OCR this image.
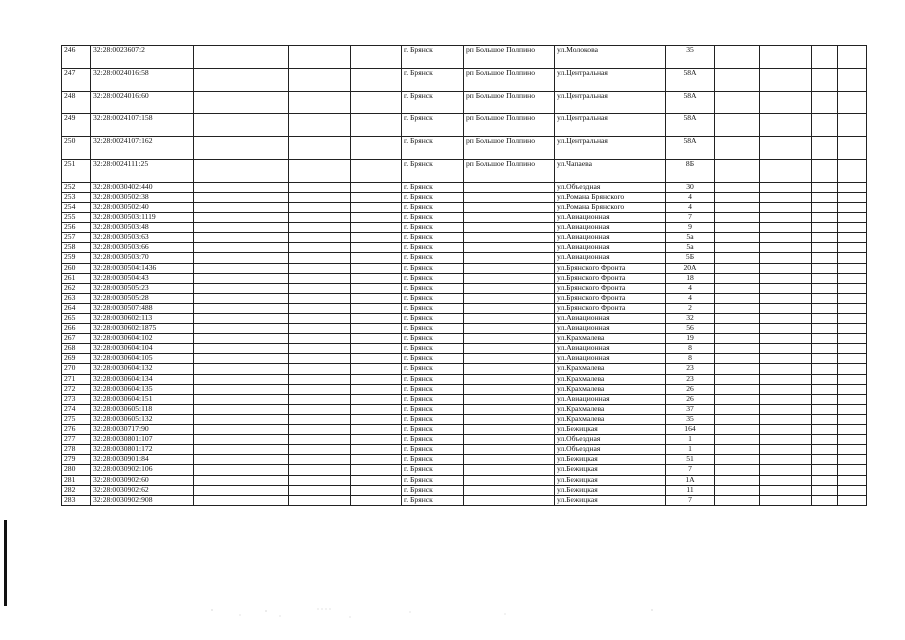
246	32:28:0023607:2				г. Брянск	рп Большое Полпино	ул.Молокова	35				
247	32:28:0024016:58				г. Брянск	рп Большое Полпино	ул.Центральная	58А				
248	32:28:0024016:60				г. Брянск	рп Большое Полпино	ул.Центральная	58А				
249	32:28:0024107:158				г. Брянск	рп Большое Полпино	ул.Центральная	58А				
250	32:28:0024107:162				г. Брянск	рп Большое Полпино	ул.Центральная	58А				
251	32:28:0024111:25				г. Брянск	рп Большое Полпино	ул.Чапаева	8Б				
252	32:28:0030402:440				г. Брянск		ул.Объездная	30				
253	32:28:0030502:38				г. Брянск		ул.Романа Брянского	4				
254	32:28:0030502:40				г. Брянск		ул.Романа Брянского	4				
255	32:28:0030503:1119				г. Брянск		ул.Авиационная	7				
256	32:28:0030503:48				г. Брянск		ул.Авиационная	9				
257	32:28:0030503:63				г. Брянск		ул.Авиационная	5а				
258	32:28:0030503:66				г. Брянск		ул.Авиационная	5а				
259	32:28:0030503:70				г. Брянск		ул.Авиационная	5Б				
260	32:28:0030504:1436				г. Брянск		ул.Брянского Фронта	20А				
261	32:28:0030504:43				г. Брянск		ул.Брянского Фронта	18				
262	32:28:0030505:23				г. Брянск		ул.Брянского Фронта	4				
263	32:28:0030505:28				г. Брянск		ул.Брянского Фронта	4				
264	32:28:0030507:488				г. Брянск		ул.Брянского Фронта	2				
265	32:28:0030602:113				г. Брянск		ул.Авиационная	32				
266	32:28:0030602:1875				г. Брянск		ул.Авиационная	56				
267	32:28:0030604:102				г. Брянск		ул.Крахмалева	19				
268	32:28:0030604:104				г. Брянск		ул.Авиационная	8				
269	32:28:0030604:105				г. Брянск		ул.Авиационная	8				
270	32:28:0030604:132				г. Брянск		ул.Крахмалева	23				
271	32:28:0030604:134				г. Брянск		ул.Крахмалева	23				
272	32:28:0030604:135				г. Брянск		ул.Крахмалева	26				
273	32:28:0030604:151				г. Брянск		ул.Авиационная	26				
274	32:28:0030605:118				г. Брянск		ул.Крахмалева	37				
275	32:28:0030605:132				г. Брянск		ул.Крахмалева	35				
276	32:28:0030717:90				г. Брянск		ул.Бежицкая	164				
277	32:28:0030801:107				г. Брянск		ул.Объездная	1				
278	32:28:0030801:172				г. Брянск		ул.Объездная	1				
279	32:28:0030901:84				г. Брянск		ул.Бежицкая	51				
280	32:28:0030902:106				г. Брянск		ул.Бежицкая	7				
281	32:28:0030902:60				г. Брянск		ул.Бежицкая	1А				
282	32:28:0030902:62				г. Брянск		ул.Бежицкая	11				
283	32:28:0030902:908				г. Брянск		ул.Бежицкая	7				
